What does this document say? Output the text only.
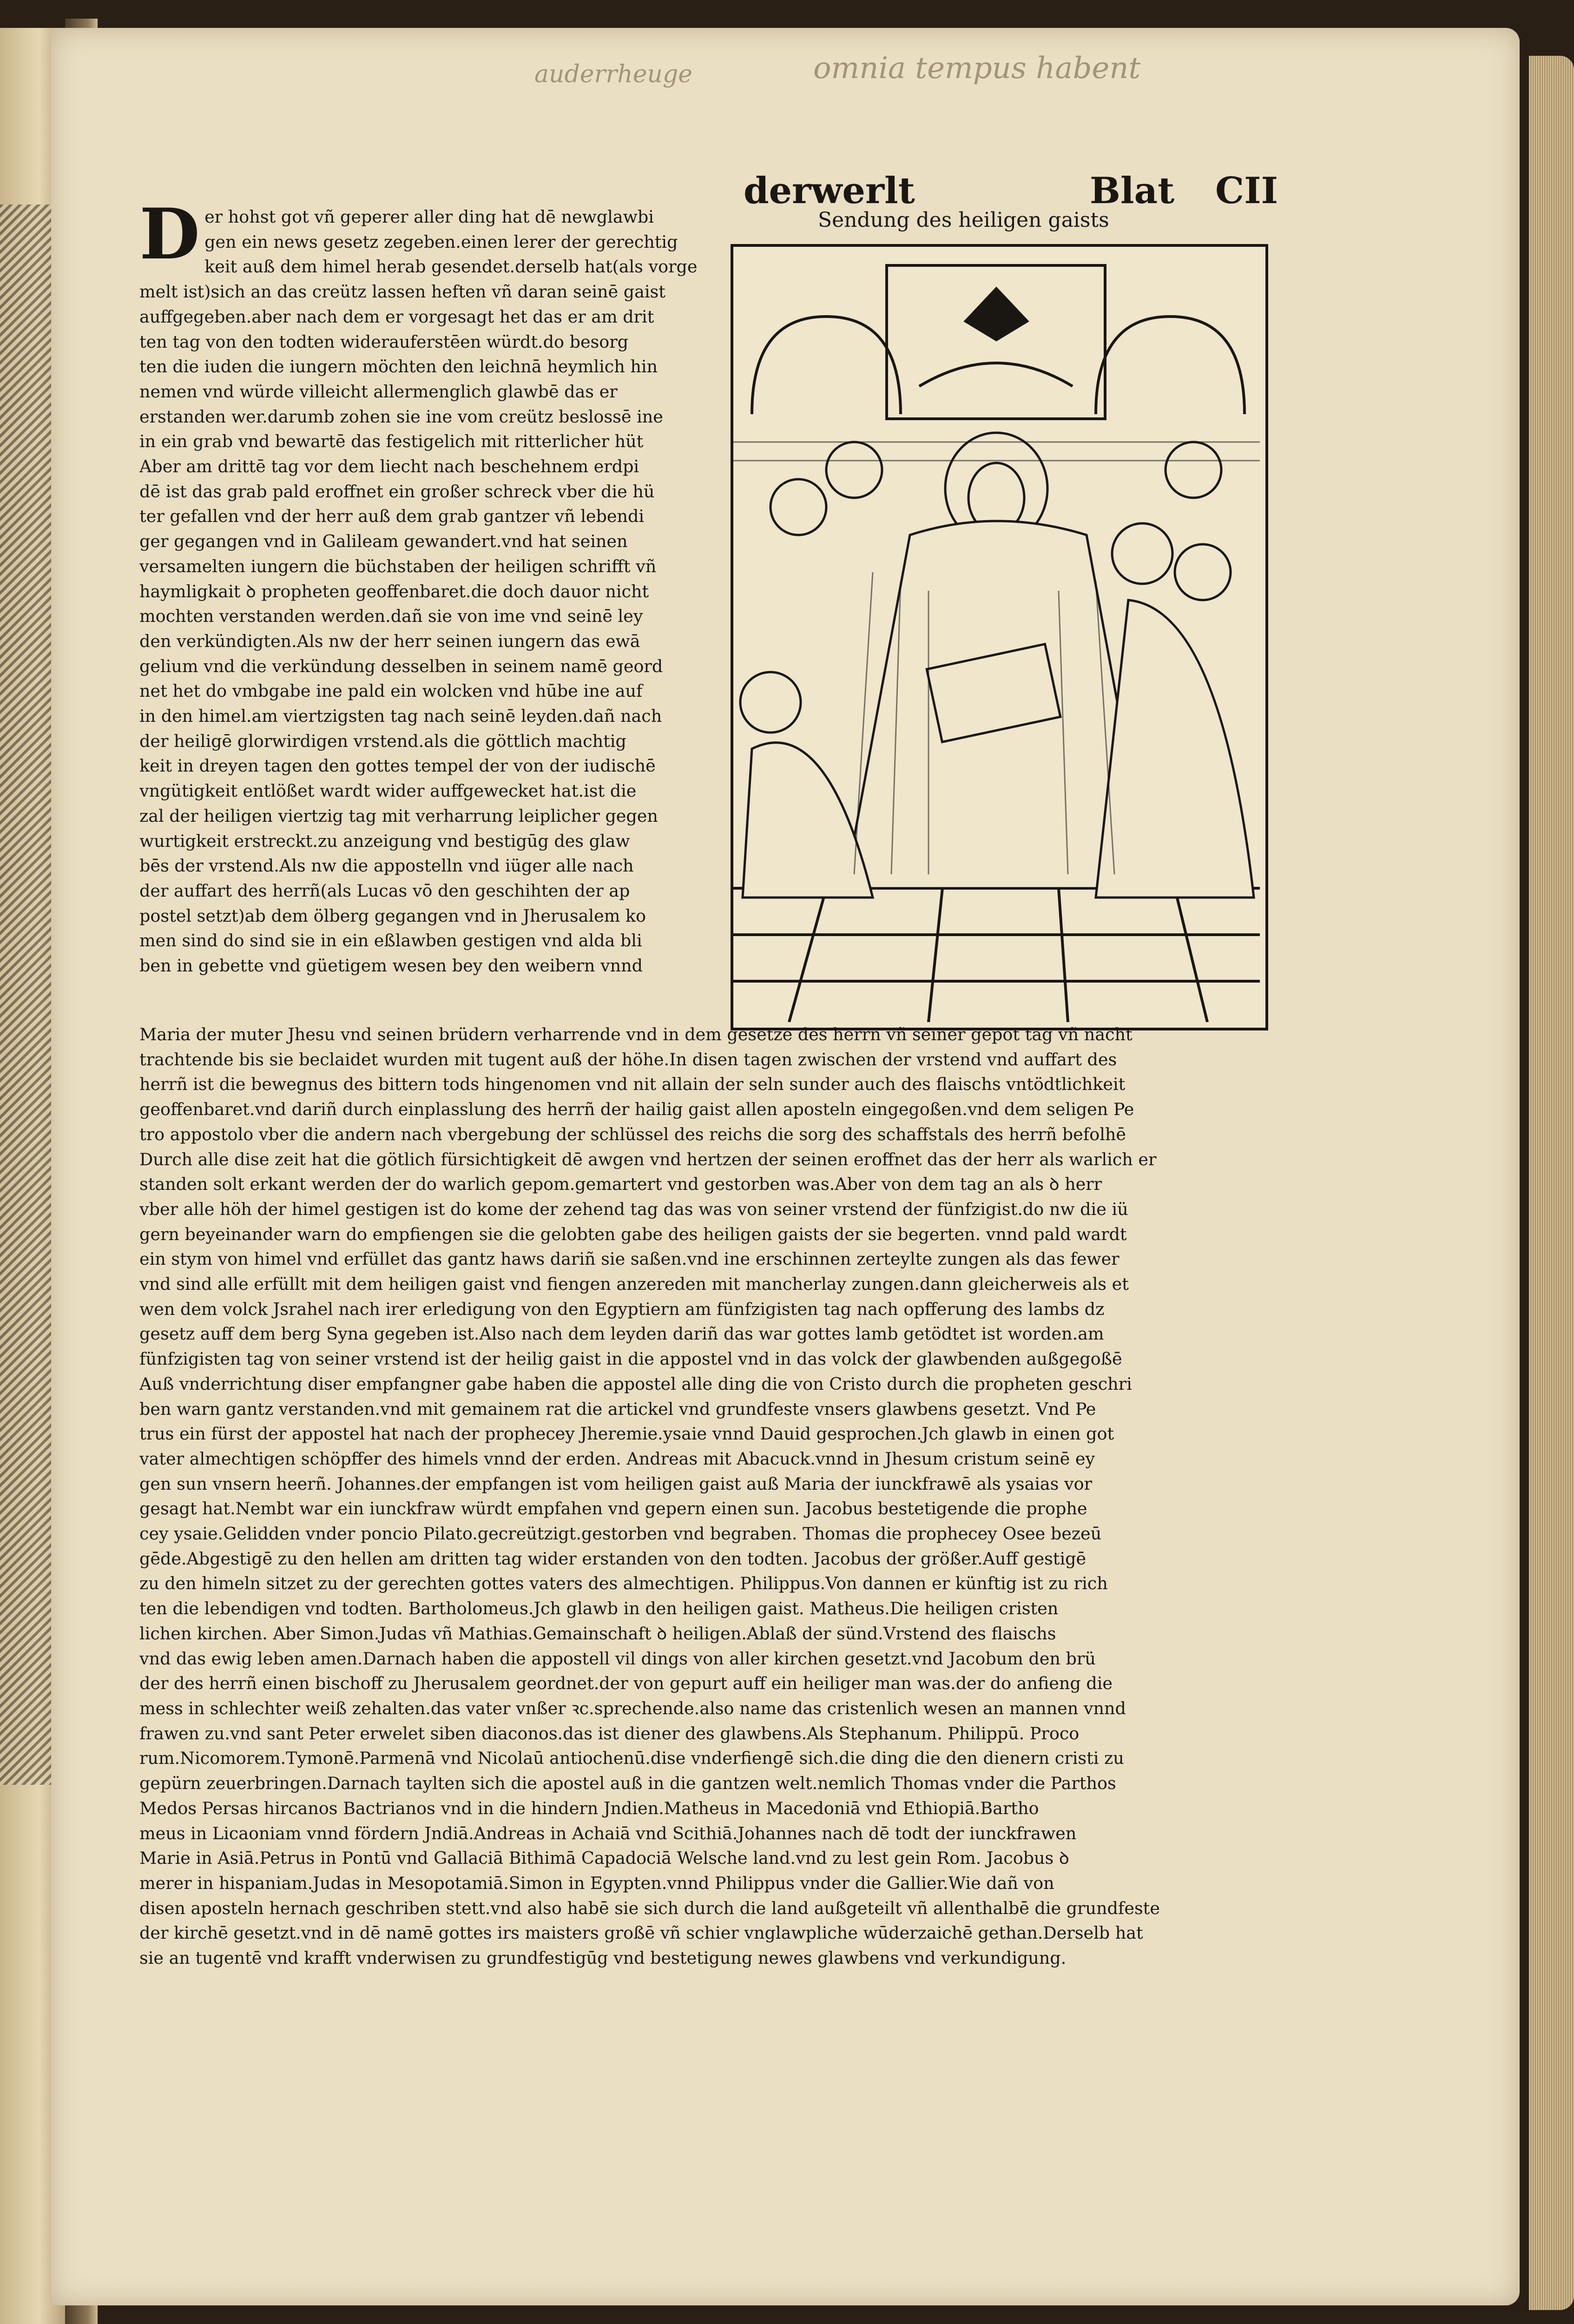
auderrheuge	omnia tempus habent
derwerlt
Sendung des heiligen gaists
Blat CII
D er hohst got vñ geperer aller ding hat dē newglawbi
gen ein news gesetz zegeben.einen lerer der gerechtig
keit auß dem himel herab gesendet.derselb hat(als vorge
melt ist)sich an das creütz lassen heften vñ daran seinē gaist
auffgegeben.aber nach dem er vorgesagt het das er am drit
ten tag von den todten widerauferstēen würdt.do besorg
ten die iuden die iungern möchten den leichnā heymlich hin
nemen vnd würde villeicht allermenglich glawbē das er
erstanden wer.darumb zohen sie ine vom creütz beslossē ine
in ein grab vnd bewartē das festigelich mit ritterlicher hüt
Aber am drittē tag vor dem liecht nach beschehnem erdpi
dē ist das grab pald eroffnet ein großer schreck vber die hü
ter gefallen vnd der herr auß dem grab gantzer vñ lebendi
ger gegangen vnd in Galileam gewandert.vnd hat seinen
versamelten iungern die büchstaben der heiligen schrifft vñ
haymligkait ꝺ propheten geoffenbaret.die doch dauor nicht
mochten verstanden werden.dañ sie von ime vnd seinē ley
den verkündigten.Als nw der herr seinen iungern das ewā
gelium vnd die verkündung desselben in seinem namē geord
net het do vmbgabe ine pald ein wolcken vnd hūbe ine auf
in den himel.am viertzigsten tag nach seinē leyden.dañ nach
der heiligē glorwirdigen vrstend.als die göttlich machtig
keit in dreyen tagen den gottes tempel der von der iudischē
vngütigkeit entlößet wardt wider auffgewecket hat.ist die
zal der heiligen viertzig tag mit verharrung leiplicher gegen
wurtigkeit erstreckt.zu anzeigung vnd bestigūg des glaw
bēs der vrstend.Als nw die appostelln vnd iüger alle nach
der auffart des herrñ(als Lucas vō den geschihten der ap
postel setzt)ab dem ölberg gegangen vnd in Jherusalem ko
men sind do sind sie in ein eßlawben gestigen vnd alda bli
ben in gebette vnd güetigem wesen bey den weibern vnnd
Maria der muter Jhesu vnd seinen brüdern verharrende vnd in dem gesetze des herrn vñ seiner gepot tag vñ nacht
trachtende bis sie beclaidet wurden mit tugent auß der höhe.In disen tagen zwischen der vrstend vnd auffart des
herrñ ist die bewegnus des bittern tods hingenomen vnd nit allain der seln sunder auch des flaischs vntödtlichkeit
geoffenbaret.vnd dariñ durch einplasslung des herrñ der hailig gaist allen aposteln eingegoßen.vnd dem seligen Pe
tro appostolo vber die andern nach vbergebung der schlüssel des reichs die sorg des schaffstals des herrñ befolhē
Durch alle dise zeit hat die götlich fürsichtigkeit dē awgen vnd hertzen der seinen eroffnet das der herr als warlich er
standen solt erkant werden der do warlich gepom.gemartert vnd gestorben was.Aber von dem tag an als ꝺ herr
vber alle höh der himel gestigen ist do kome der zehend tag das was von seiner vrstend der fünfzigist.do nw die iü
gern beyeinander warn do empfiengen sie die gelobten gabe des heiligen gaists der sie begerten. vnnd pald wardt
ein stym von himel vnd erfüllet das gantz haws dariñ sie saßen.vnd ine erschinnen zerteylte zungen als das fewer
vnd sind alle erfüllt mit dem heiligen gaist vnd fiengen anzereden mit mancherlay zungen.dann gleicherweis als et
wen dem volck Jsrahel nach irer erledigung von den Egyptiern am fünfzigisten tag nach opfferung des lambs dz
gesetz auff dem berg Syna gegeben ist.Also nach dem leyden dariñ das war gottes lamb getödtet ist worden.am
fünfzigisten tag von seiner vrstend ist der heilig gaist in die appostel vnd in das volck der glawbenden außgegoßē
Auß vnderrichtung diser empfangner gabe haben die appostel alle ding die von Cristo durch die propheten geschri
ben warn gantz verstanden.vnd mit gemainem rat die artickel vnd grundfeste vnsers glawbens gesetzt. Vnd Pe
trus ein fürst der appostel hat nach der prophecey Jheremie.ysaie vnnd Dauid gesprochen.Jch glawb in einen got
vater almechtigen schöpffer des himels vnnd der erden. Andreas mit Abacuck.vnnd in Jhesum cristum seinē ey
gen sun vnsern heerñ. Johannes.der empfangen ist vom heiligen gaist auß Maria der iunckfrawē als ysaias vor
gesagt hat.Nembt war ein iunckfraw würdt empfahen vnd gepern einen sun. Jacobus bestetigende die prophe
cey ysaie.Gelidden vnder poncio Pilato.gecreützigt.gestorben vnd begraben. Thomas die prophecey Osee bezeū
gēde.Abgestigē zu den hellen am dritten tag wider erstanden von den todten. Jacobus der größer.Auff gestigē
zu den himeln sitzet zu der gerechten gottes vaters des almechtigen. Philippus.Von dannen er künftig ist zu rich
ten die lebendigen vnd todten. Bartholomeus.Jch glawb in den heiligen gaist. Matheus.Die heiligen cristen
lichen kirchen. Aber Simon.Judas vñ Mathias.Gemainschaft ꝺ heiligen.Ablaß der sünd.Vrstend des flaischs
vnd das ewig leben amen.Darnach haben die appostell vil dings von aller kirchen gesetzt.vnd Jacobum den brü
der des herrñ einen bischoff zu Jherusalem geordnet.der von gepurt auff ein heiliger man was.der do anfieng die
mess in schlechter weiß zehalten.das vater vnßer ꝛc.sprechende.also name das cristenlich wesen an mannen vnnd
frawen zu.vnd sant Peter erwelet siben diaconos.das ist diener des glawbens.Als Stephanum. Philippū. Proco
rum.Nicomorem.Tymonē.Parmenā vnd Nicolaū antiochenū.dise vnderfiengē sich.die ding die den dienern cristi zu
gepürn zeuerbringen.Darnach taylten sich die apostel auß in die gantzen welt.nemlich Thomas vnder die Parthos
Medos Persas hircanos Bactrianos vnd in die hindern Jndien.Matheus in Macedoniā vnd Ethiopiā.Bartho
meus in Licaoniam vnnd fördern Jndiā.Andreas in Achaiā vnd Scithiā.Johannes nach dē todt der iunckfrawen
Marie in Asiā.Petrus in Pontū vnd Gallaciā Bithimā Capadociā Welsche land.vnd zu lest gein Rom. Jacobus ꝺ
merer in hispaniam.Judas in Mesopotamiā.Simon in Egypten.vnnd Philippus vnder die Gallier.Wie dañ von
disen aposteln hernach geschriben stett.vnd also habē sie sich durch die land außgeteilt vñ allenthalbē die grundfeste
der kirchē gesetzt.vnd in dē namē gottes irs maisters großē vñ schier vnglawpliche wūderzaichē gethan.Derselb hat
sie an tugentē vnd krafft vnderwisen zu grundfestigūg vnd bestetigung newes glawbens vnd verkundigung.
